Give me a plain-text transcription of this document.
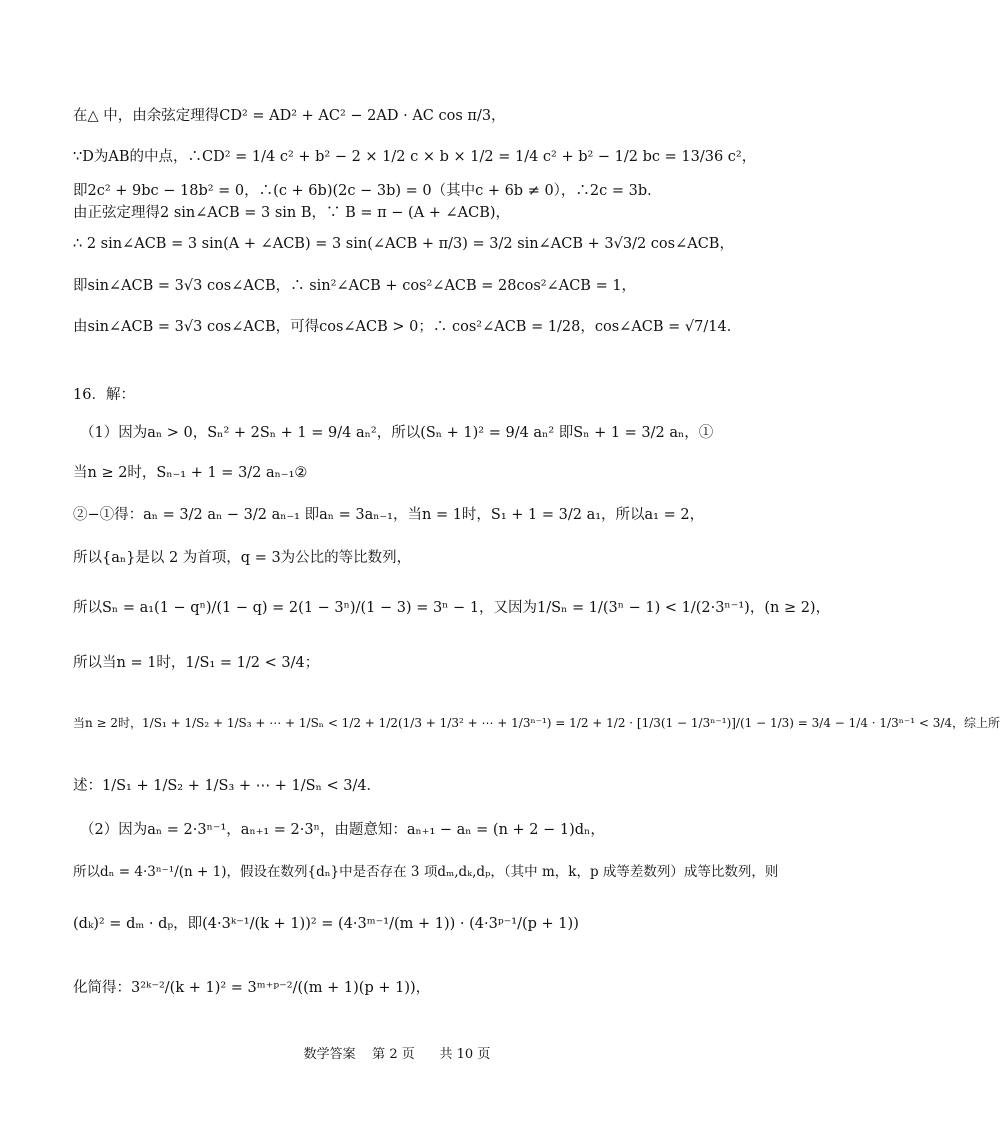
在△ 中，由余弦定理得CD² = AD² + AC² − 2AD · AC cos π/3，
∵D为AB的中点，∴CD² = 1/4 c² + b² − 2 × 1/2 c × b × 1/2 = 1/4 c² + b² − 1/2 bc = 13/36 c²，
即2c² + 9bc − 18b² = 0，∴(c + 6b)(2c − 3b) = 0（其中c + 6b ≠ 0），∴2c = 3b．
由正弦定理得2 sin∠ACB = 3 sin B，∵ B = π − (A + ∠ACB)，
∴ 2 sin∠ACB = 3 sin(A + ∠ACB) = 3 sin(∠ACB + π/3) = 3/2 sin∠ACB + 3√3/2 cos∠ACB，
即sin∠ACB = 3√3 cos∠ACB，∴ sin²∠ACB + cos²∠ACB = 28cos²∠ACB = 1，
由sin∠ACB = 3√3 cos∠ACB，可得cos∠ACB > 0；∴ cos²∠ACB = 1/28，cos∠ACB = √7/14．
16．解：
（1）因为aₙ > 0，Sₙ² + 2Sₙ + 1 = 9/4 aₙ²，所以(Sₙ + 1)² = 9/4 aₙ² 即Sₙ + 1 = 3/2 aₙ，①
当n ≥ 2时，Sₙ₋₁ + 1 = 3/2 aₙ₋₁②
②−①得：aₙ = 3/2 aₙ − 3/2 aₙ₋₁ 即aₙ = 3aₙ₋₁，当n = 1时，S₁ + 1 = 3/2 a₁，所以a₁ = 2，
所以{aₙ}是以 2 为首项，q = 3为公比的等比数列，
所以Sₙ = a₁(1 − qⁿ)/(1 − q) = 2(1 − 3ⁿ)/(1 − 3) = 3ⁿ − 1，又因为1/Sₙ = 1/(3ⁿ − 1) < 1/(2·3ⁿ⁻¹)，(n ≥ 2)，
所以当n = 1时，1/S₁ = 1/2 < 3/4；
当n ≥ 2时，1/S₁ + 1/S₂ + 1/S₃ + ⋯ + 1/Sₙ < 1/2 + 1/2(1/3 + 1/3² + ⋯ + 1/3ⁿ⁻¹) = 1/2 + 1/2 · [1/3(1 − 1/3ⁿ⁻¹)]/(1 − 1/3) = 3/4 − 1/4 · 1/3ⁿ⁻¹ < 3/4，综上所
述：1/S₁ + 1/S₂ + 1/S₃ + ⋯ + 1/Sₙ < 3/4．
（2）因为aₙ = 2·3ⁿ⁻¹，aₙ₊₁ = 2·3ⁿ，由题意知：aₙ₊₁ − aₙ = (n + 2 − 1)dₙ，
所以dₙ = 4·3ⁿ⁻¹/(n + 1)，假设在数列{dₙ}中是否存在 3 项dₘ,dₖ,dₚ，（其中 m，k，p 成等差数列）成等比数列，则
(dₖ)² = dₘ · dₚ，即(4·3ᵏ⁻¹/(k + 1))² = (4·3ᵐ⁻¹/(m + 1)) · (4·3ᵖ⁻¹/(p + 1))
化简得：3²ᵏ⁻²/(k + 1)² = 3ᵐ⁺ᵖ⁻²/((m + 1)(p + 1))，
数学答案    第 2 页      共 10 页
